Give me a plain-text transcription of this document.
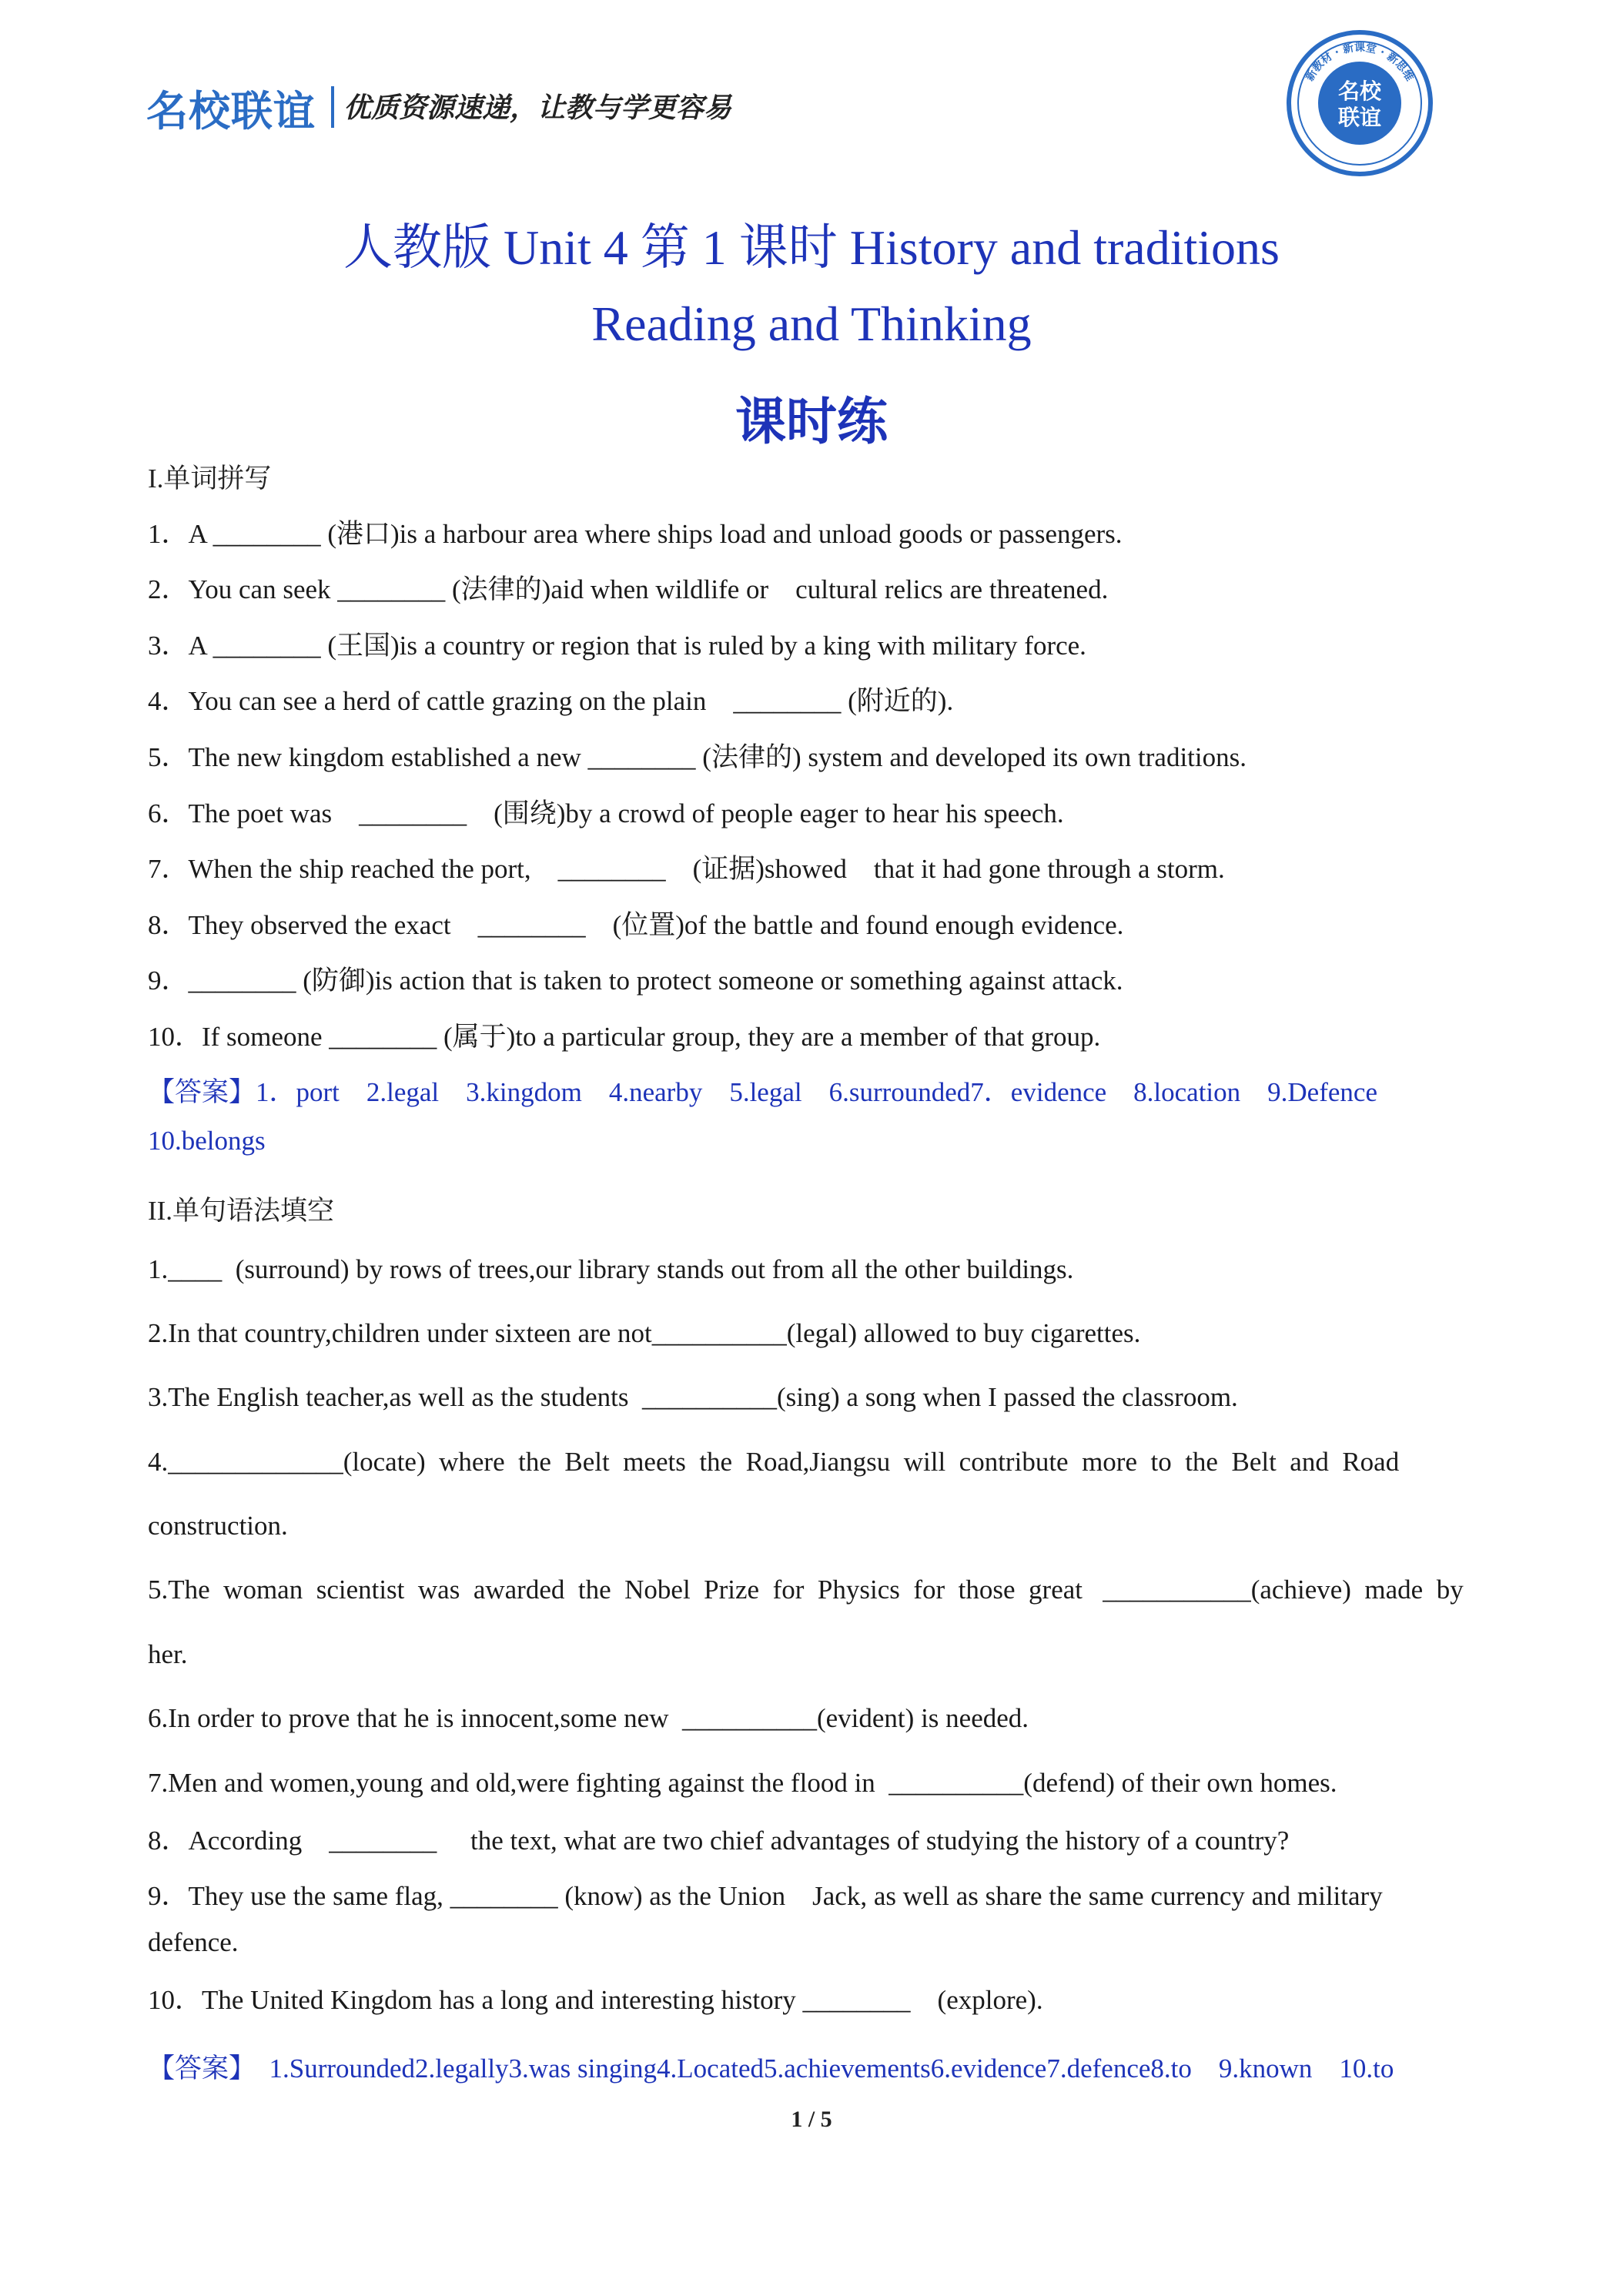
名校联谊 优质资源速递，让教与学更容易
名校
联谊
新教材 · 新课堂 · 新思维
人教版 Unit 4 第 1 课时 History and traditions
Reading and Thinking
课时练
I.单词拼写
1．A ________ (港口)is a harbour area where ships load and unload goods or passengers.
2．You can seek ________ (法律的)aid when wildlife or    cultural relics are threatened.
3．A ________ (王国)is a country or region that is ruled by a king with military force.
4．You can see a herd of cattle grazing on the plain    ________ (附近的).
5．The new kingdom established a new ________ (法律的) system and developed its own traditions.
6．The poet was    ________    (围绕)by a crowd of people eager to hear his speech.
7．When the ship reached the port,    ________    (证据)showed    that it had gone through a storm.
8．They observed the exact    ________    (位置)of the battle and found enough evidence.
9．________ (防御)is action that is taken to protect someone or something against attack.
10．If someone ________ (属于)to a particular group, they are a member of that group.
【答案】1．port    2.legal    3.kingdom    4.nearby    5.legal    6.surrounded7．evidence    8.location    9.Defence
10.belongs
II.单句语法填空
1.____  (surround) by rows of trees,our library stands out from all the other buildings.
2.In that country,children under sixteen are not__________(legal) allowed to buy cigarettes.
3.The English teacher,as well as the students  __________(sing) a song when I passed the classroom.
4._____________(locate)  where  the  Belt  meets  the  Road,Jiangsu  will  contribute  more  to  the  Belt  and  Road
construction.
5.The  woman  scientist  was  awarded  the  Nobel  Prize  for  Physics  for  those  great   ___________(achieve)  made  by
her.
6.In order to prove that he is innocent,some new  __________(evident) is needed.
7.Men and women,young and old,were fighting against the flood in  __________(defend) of their own homes.
8．According    ________     the text, what are two chief advantages of studying the history of a country?
9．They use the same flag, ________ (know) as the Union    Jack, as well as share the same currency and military
defence.
10．The United Kingdom has a long and interesting history ________    (explore).
【答案】  1.Surrounded2.legally3.was singing4.Located5.achievements6.evidence7.defence8.to    9.known    10.to
1 / 5
